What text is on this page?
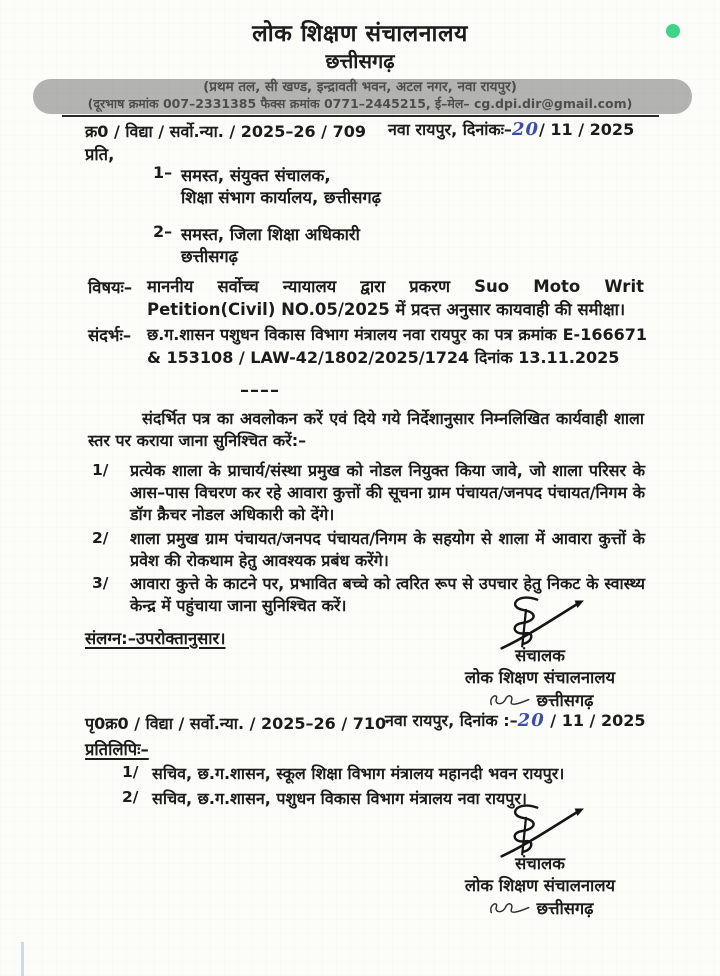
लोक शिक्षण संचालनालय
छत्तीसगढ़
क्र0 / विद्या / सर्वो.न्या. / 2025–26 / 709 नवा रायपुर, दिनांकः–20/ 11 / 2025
प्रति,
1– समस्त, संयुक्त संचालक,
शिक्षा संभाग कार्यालय, छत्तीसगढ़
2– समस्त, जिला शिक्षा अधिकारी
छत्तीसगढ़
विषयः– माननीय सर्वोच्च न्यायालय द्वारा प्रकरण Suo Moto Writ Petition(Civil) NO.05/2025 में प्रदत्त अनुसार कायवाही की समीक्षा।
संदर्भः– छ.ग.शासन पशुधन विकास विभाग मंत्रालय नवा रायपुर का पत्र क्रमांक E-166671 & 153108 / LAW-42/1802/2025/1724 दिनांक 13.11.2025
––––
संदर्भित पत्र का अवलोकन करें एवं दिये गये निर्देशानुसार निम्नलिखित कार्यवाही शाला स्तर पर कराया जाना सुनिश्चित करें:–
1/ प्रत्येक शाला के प्राचार्य/संस्था प्रमुख को नोडल नियुक्त किया जावे, जो शाला परिसर के आस–पास विचरण कर रहे आवारा कुत्तों की सूचना ग्राम पंचायत/जनपद पंचायत/निगम के डॉग क्रैचर नोडल अधिकारी को देंगे।
2/ शाला प्रमुख ग्राम पंचायत/जनपद पंचायत/निगम के सहयोग से शाला में आवारा कुत्तों के प्रवेश की रोकथाम हेतु आवश्यक प्रबंध करेंगे।
3/ आवारा कुत्ते के काटने पर, प्रभावित बच्चे को त्वरित रूप से उपचार हेतु निकट के स्वास्थ्य केन्द्र में पहुंचाया जाना सुनिश्चित करें।
संलग्न:–उपरोक्तानुसार।
संचालक
लोक शिक्षण संचालनालय
छत्तीसगढ़
पृ0क्र0 / विद्या / सर्वो.न्या. / 2025–26 / 710
नवा रायपुर, दिनांक :–20 / 11 / 2025
प्रतिलिपिः–
1/ सचिव, छ.ग.शासन, स्कूल शिक्षा विभाग मंत्रालय महानदी भवन रायपुर।
2/ सचिव, छ.ग.शासन, पशुधन विकास विभाग मंत्रालय नवा रायपुर।
संचालक
लोक शिक्षण संचालनालय
छत्तीसगढ़
